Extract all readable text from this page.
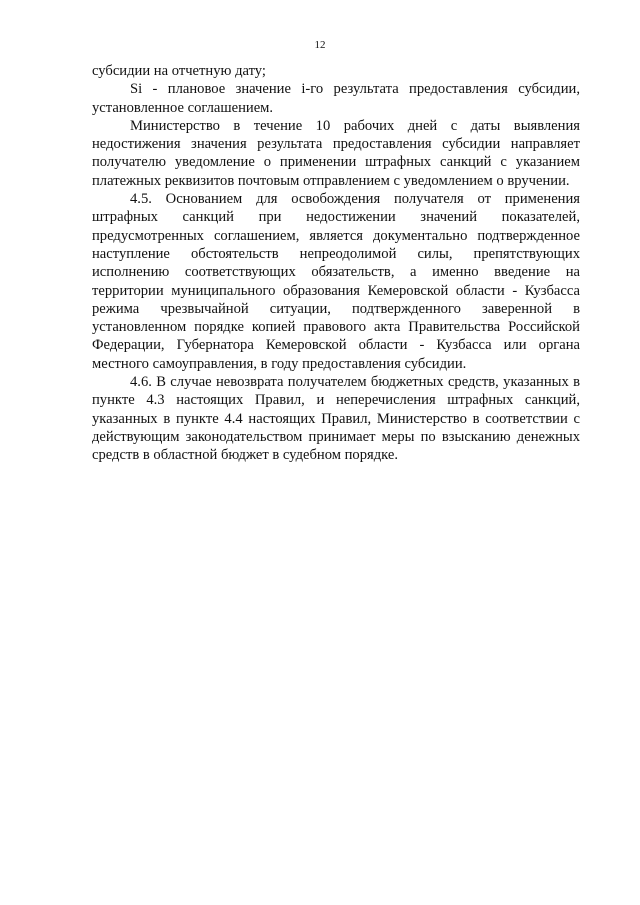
12

субсидии на отчетную дату;

Si - плановое значение i-го результата предоставления субсидии, установленное соглашением.

Министерство в течение 10 рабочих дней с даты выявления недостижения значения результата предоставления субсидии направляет получателю уведомление о применении штрафных санкций с указанием платежных реквизитов почтовым отправлением с уведомлением о вручении.

4.5. Основанием для освобождения получателя от применения штрафных санкций при недостижении значений показателей, предусмотренных соглашением, является документально подтвержденное наступление обстоятельств непреодолимой силы, препятствующих исполнению соответствующих обязательств, а именно введение на территории муниципального образования Кемеровской области - Кузбасса режима чрезвычайной ситуации, подтвержденного заверенной в установленном порядке копией правового акта Правительства Российской Федерации, Губернатора Кемеровской области - Кузбасса или органа местного самоуправления, в году предоставления субсидии.

4.6. В случае невозврата получателем бюджетных средств, указанных в пункте 4.3 настоящих Правил, и неперечисления штрафных санкций, указанных в пункте 4.4 настоящих Правил, Министерство в соответствии с действующим законодательством принимает меры по взысканию денежных средств в областной бюджет в судебном порядке.
